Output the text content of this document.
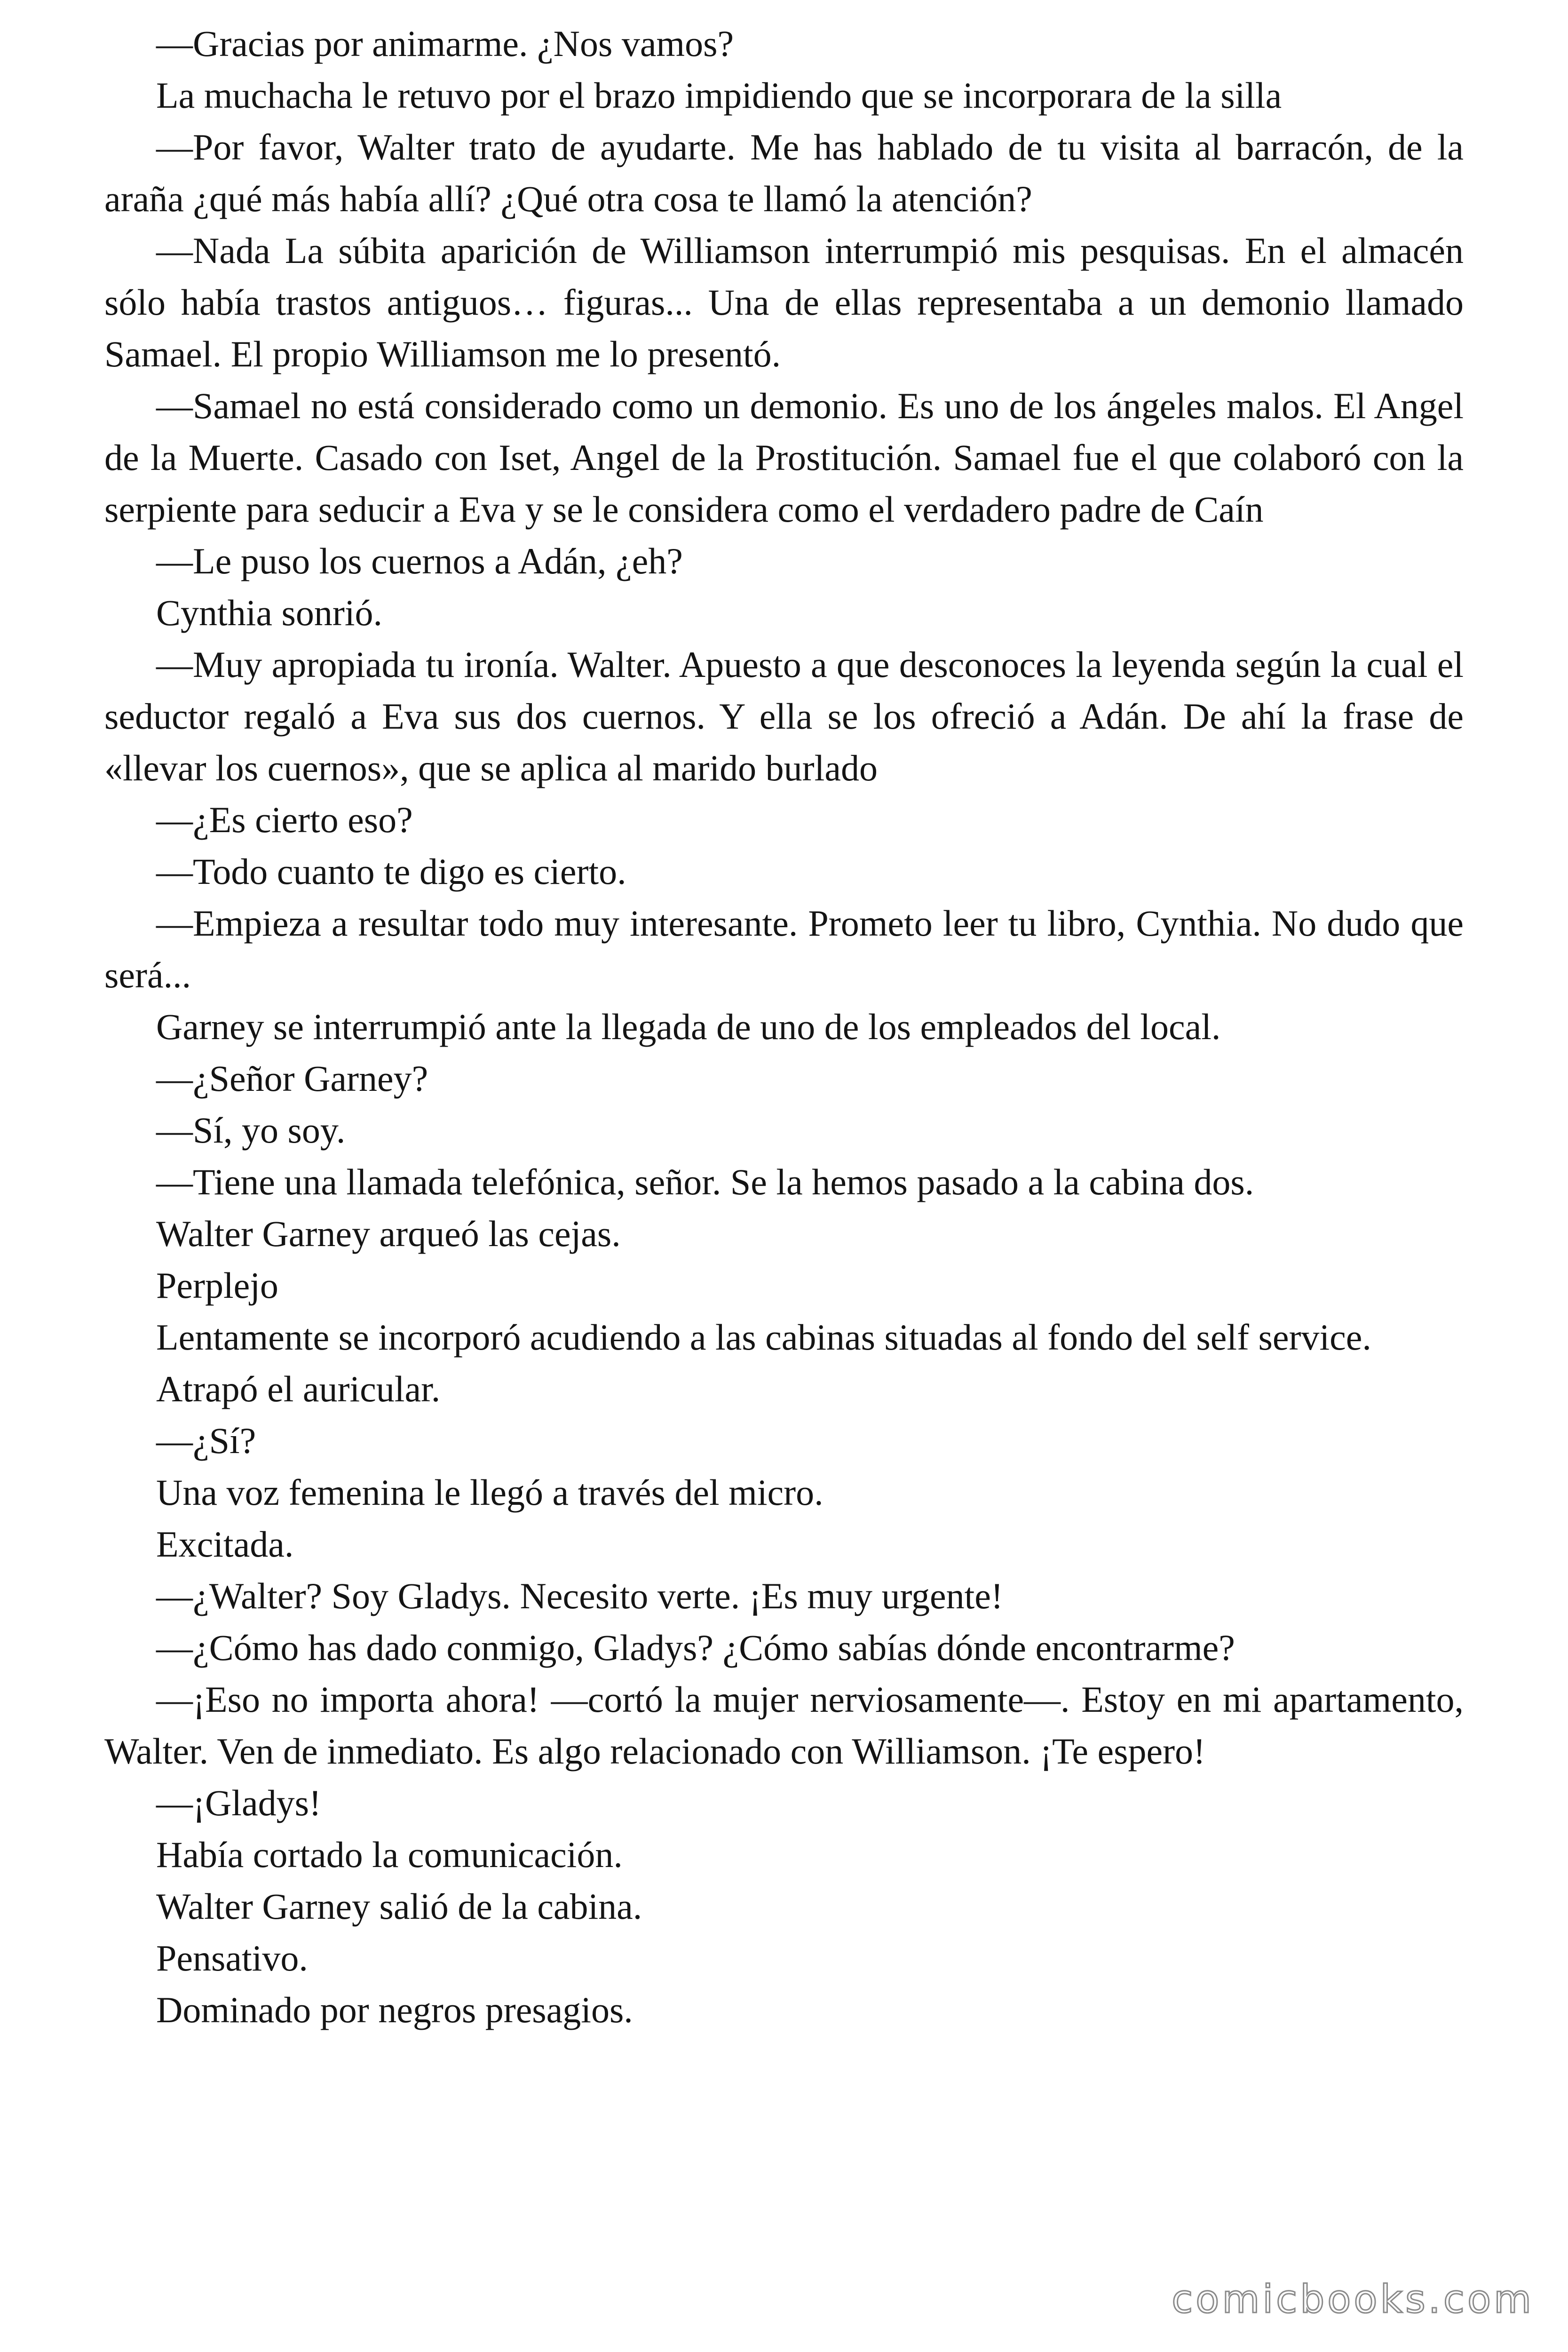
—Gracias por animarme. ¿Nos vamos?

La muchacha le retuvo por el brazo impidiendo que se incorporara de la silla

—Por favor, Walter trato de ayudarte. Me has hablado de tu visita al barracón, de la araña ¿qué más había allí? ¿Qué otra cosa te llamó la atención?

—Nada La súbita aparición de Williamson interrumpió mis pesquisas. En el almacén sólo había trastos antiguos… figuras... Una de ellas representaba a un demonio llamado Samael. El propio Williamson me lo presentó.

—Samael no está considerado como un demonio. Es uno de los ángeles malos. El Angel de la Muerte. Casado con Iset, Angel de la Prostitución. Samael fue el que colaboró con la serpiente para seducir a Eva y se le considera como el verdadero padre de Caín

—Le puso los cuernos a Adán, ¿eh?

Cynthia sonrió.

—Muy apropiada tu ironía. Walter. Apuesto a que desconoces la leyenda según la cual el seductor regaló a Eva sus dos cuernos. Y ella se los ofreció a Adán. De ahí la frase de «llevar los cuernos», que se aplica al marido burlado

—¿Es cierto eso?

—Todo cuanto te digo es cierto.

—Empieza a resultar todo muy interesante. Prometo leer tu libro, Cynthia. No dudo que será...

Garney se interrumpió ante la llegada de uno de los empleados del local.

—¿Señor Garney?

—Sí, yo soy.

—Tiene una llamada telefónica, señor. Se la hemos pasado a la cabina dos.

Walter Garney arqueó las cejas.

Perplejo

Lentamente se incorporó acudiendo a las cabinas situadas al fondo del self service.

Atrapó el auricular.

—¿Sí?

Una voz femenina le llegó a través del micro.

Excitada.

—¿Walter? Soy Gladys. Necesito verte. ¡Es muy urgente!

—¿Cómo has dado conmigo, Gladys? ¿Cómo sabías dónde encontrarme?

—¡Eso no importa ahora! —cortó la mujer nerviosamente—. Estoy en mi apartamento, Walter. Ven de inmediato. Es algo relacionado con Williamson. ¡Te espero!

—¡Gladys!

Había cortado la comunicación.

Walter Garney salió de la cabina.

Pensativo.

Dominado por negros presagios.

comicbooks.com
